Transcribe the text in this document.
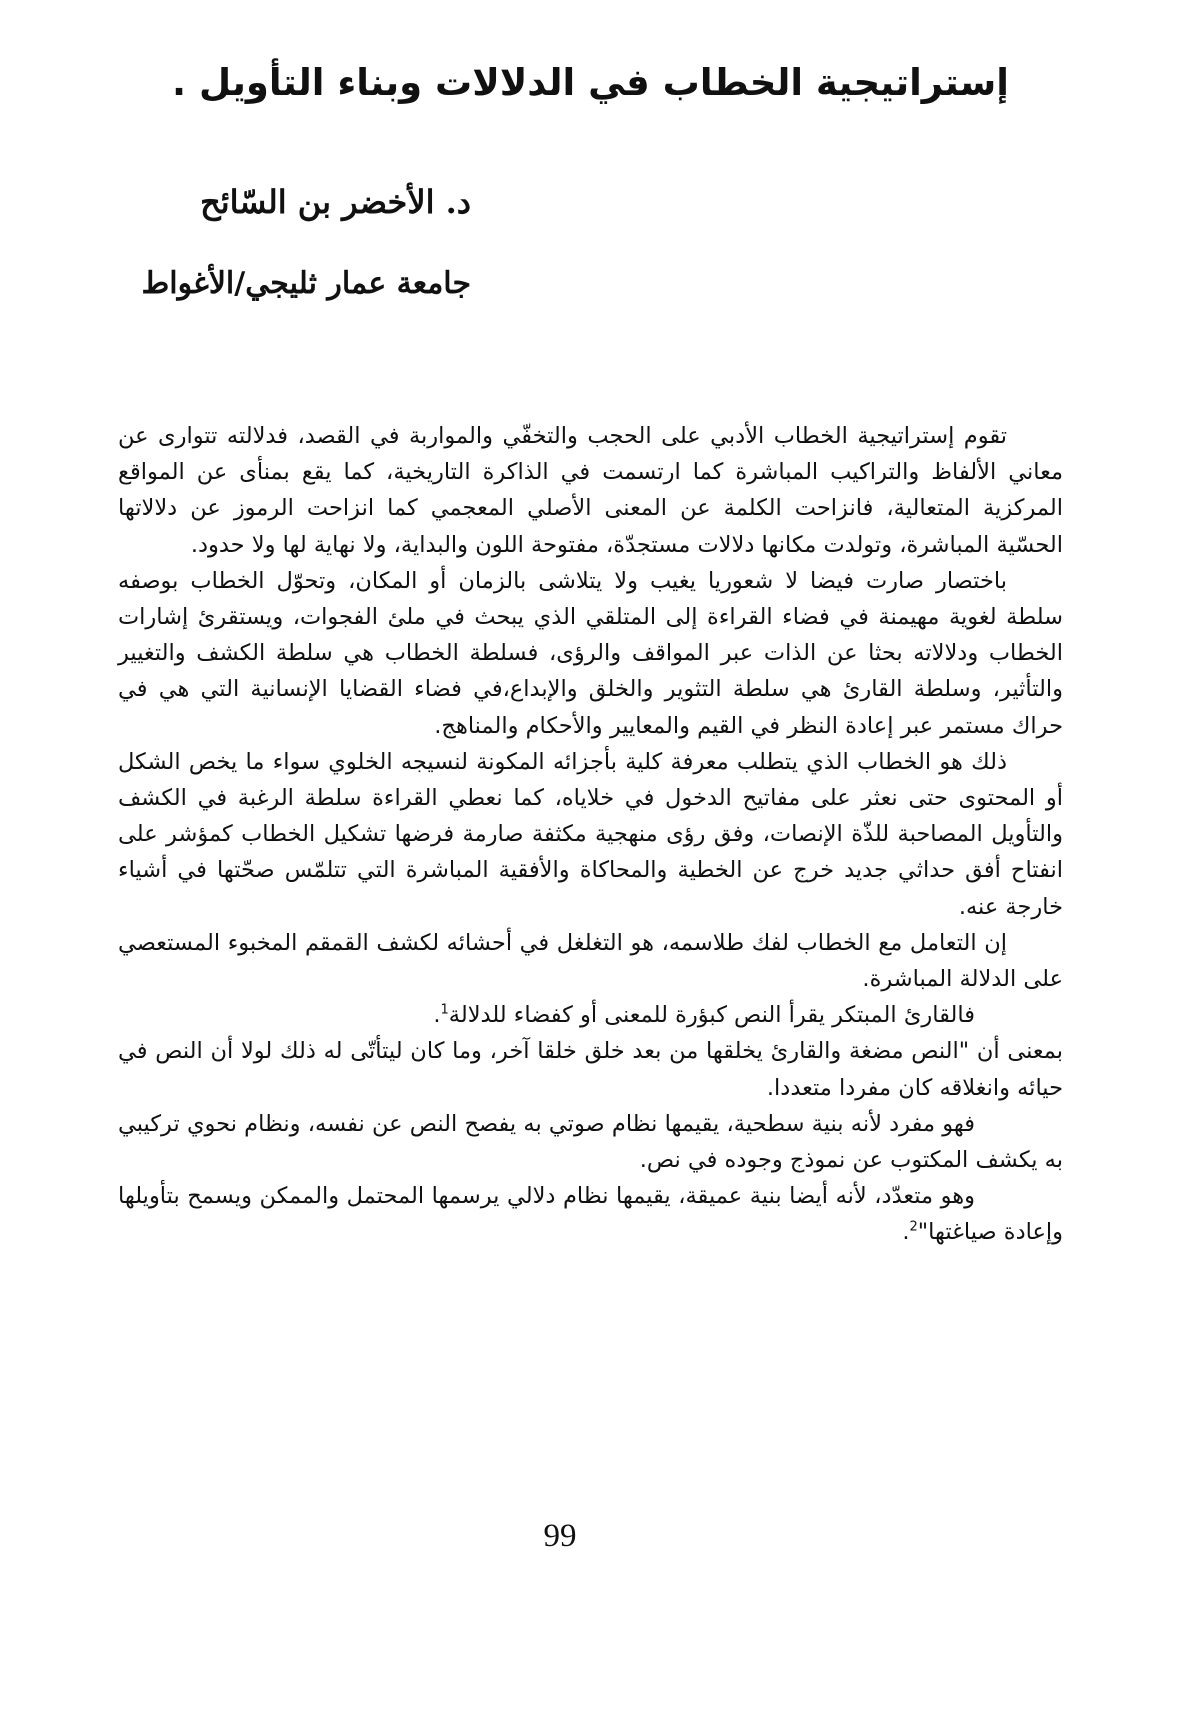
إستراتيجية الخطاب في الدلالات وبناء التأويل .
د. الأخضر بن السّائح
جامعة عمار ثليجي/الأغواط

تقوم إستراتيجية الخطاب الأدبي على الحجب والتخفّي والمواربة في القصد، فدلالته تتوارى عن معاني الألفاظ والتراكيب المباشرة كما ارتسمت في الذاكرة التاريخية، كما يقع بمنأى عن المواقع المركزية المتعالية، فانزاحت الكلمة عن المعنى الأصلي المعجمي كما انزاحت الرموز عن دلالاتها الحسّية المباشرة، وتولدت مكانها دلالات مستجدّة، مفتوحة اللون والبداية، ولا نهاية لها ولا حدود.

باختصار صارت فيضا لا شعوريا يغيب ولا يتلاشى بالزمان أو المكان، وتحوّل الخطاب بوصفه سلطة لغوية مهيمنة في فضاء القراءة إلى المتلقي الذي يبحث في ملئ الفجوات، ويستقرئ إشارات الخطاب ودلالاته بحثا عن الذات عبر المواقف والرؤى، فسلطة الخطاب هي سلطة الكشف والتغيير والتأثير، وسلطة القارئ هي سلطة التثوير والخلق والإبداع،في فضاء القضايا الإنسانية التي هي في حراك مستمر عبر إعادة النظر في القيم والمعايير والأحكام والمناهج.

ذلك هو الخطاب الذي يتطلب معرفة كلية بأجزائه المكونة لنسيجه الخلوي سواء ما يخص الشكل أو المحتوى حتى نعثر على مفاتيح الدخول في خلاياه، كما نعطي القراءة سلطة الرغبة في الكشف والتأويل المصاحبة للذّة الإنصات، وفق رؤى منهجية مكثفة صارمة فرضها تشكيل الخطاب كمؤشر على انفتاح أفق حداثي جديد خرج عن الخطية والمحاكاة والأفقية المباشرة التي تتلمّس صحّتها في أشياء خارجة عنه.

إن التعامل مع الخطاب لفك طلاسمه، هو التغلغل في أحشائه لكشف القمقم المخبوء المستعصي على الدلالة المباشرة.

فالقارئ المبتكر يقرأ النص كبؤرة للمعنى أو كفضاء للدلالة$^1$.

بمعنى أن "النص مضغة والقارئ يخلقها من بعد خلق خلقا آخر، وما كان ليتأتّى له ذلك لولا أن النص في حيائه وانغلاقه كان مفردا متعددا.

فهو مفرد لأنه بنية سطحية، يقيمها نظام صوتي به يفصح النص عن نفسه، ونظام نحوي تركيبي به يكشف المكتوب عن نموذج وجوده في نص.

وهو متعدّد، لأنه أيضا بنية عميقة، يقيمها نظام دلالي يرسمها المحتمل والممكن ويسمح بتأويلها وإعادة صياغتها"$^2$.

99
